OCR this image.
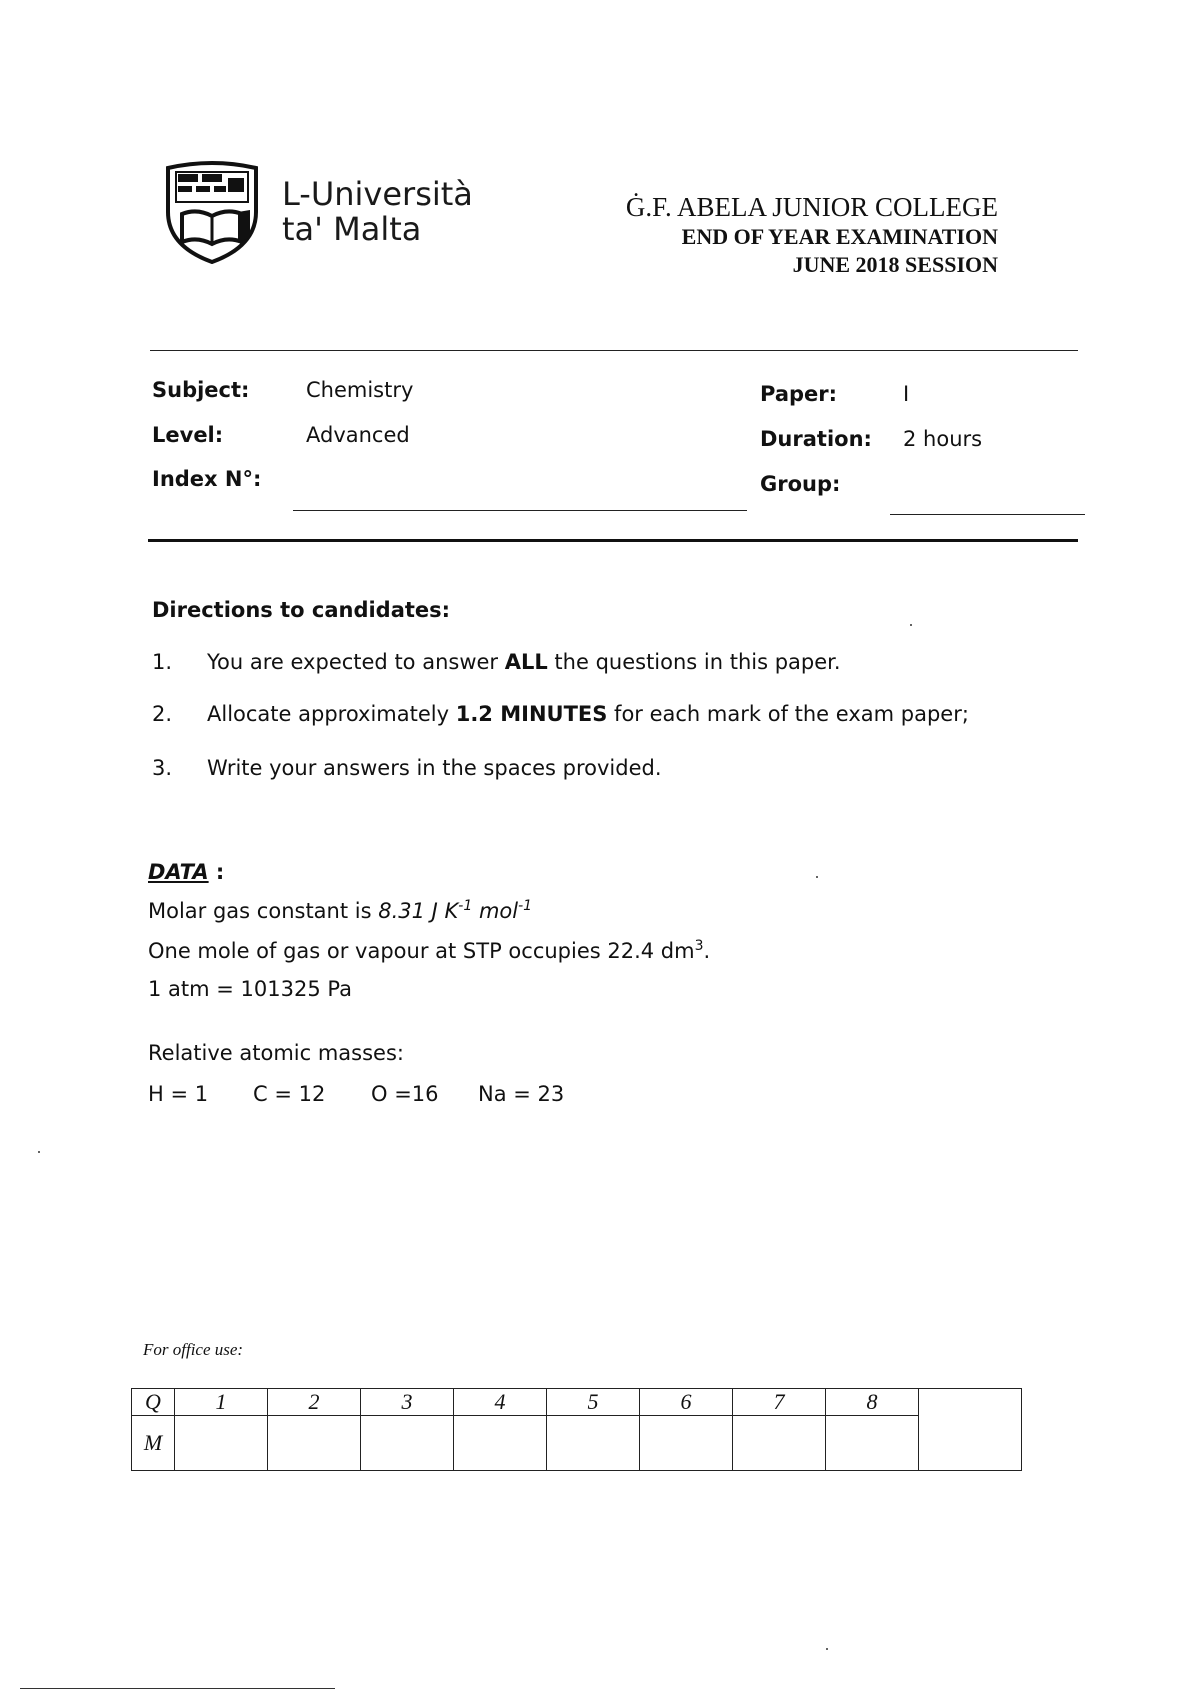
L-Università
ta' Malta
Ġ.F. ABELA JUNIOR COLLEGE
END OF YEAR EXAMINATION
JUNE 2018 SESSION
Subject:	Chemistry
Level:	Advanced
Index N°:
Paper:	I
Duration: 2 hours
Group:
Directions to candidates:
1. You are expected to answer ALL the questions in this paper.
2. Allocate approximately 1.2 MINUTES for each mark of the exam paper;
3. Write your answers in the spaces provided.
DATA :
Molar gas constant is 8.31 J $K^{-1}$ mol$^{-1}$
One mole of gas or vapour at STP occupies 22.4 $dm^3$.
1 atm = 101325 Pa
Relative atomic masses:
H = 1 C = 12 O =16 Na = 23
For office use:
Q	1	2	3	4	5	6	7	8	
M									
